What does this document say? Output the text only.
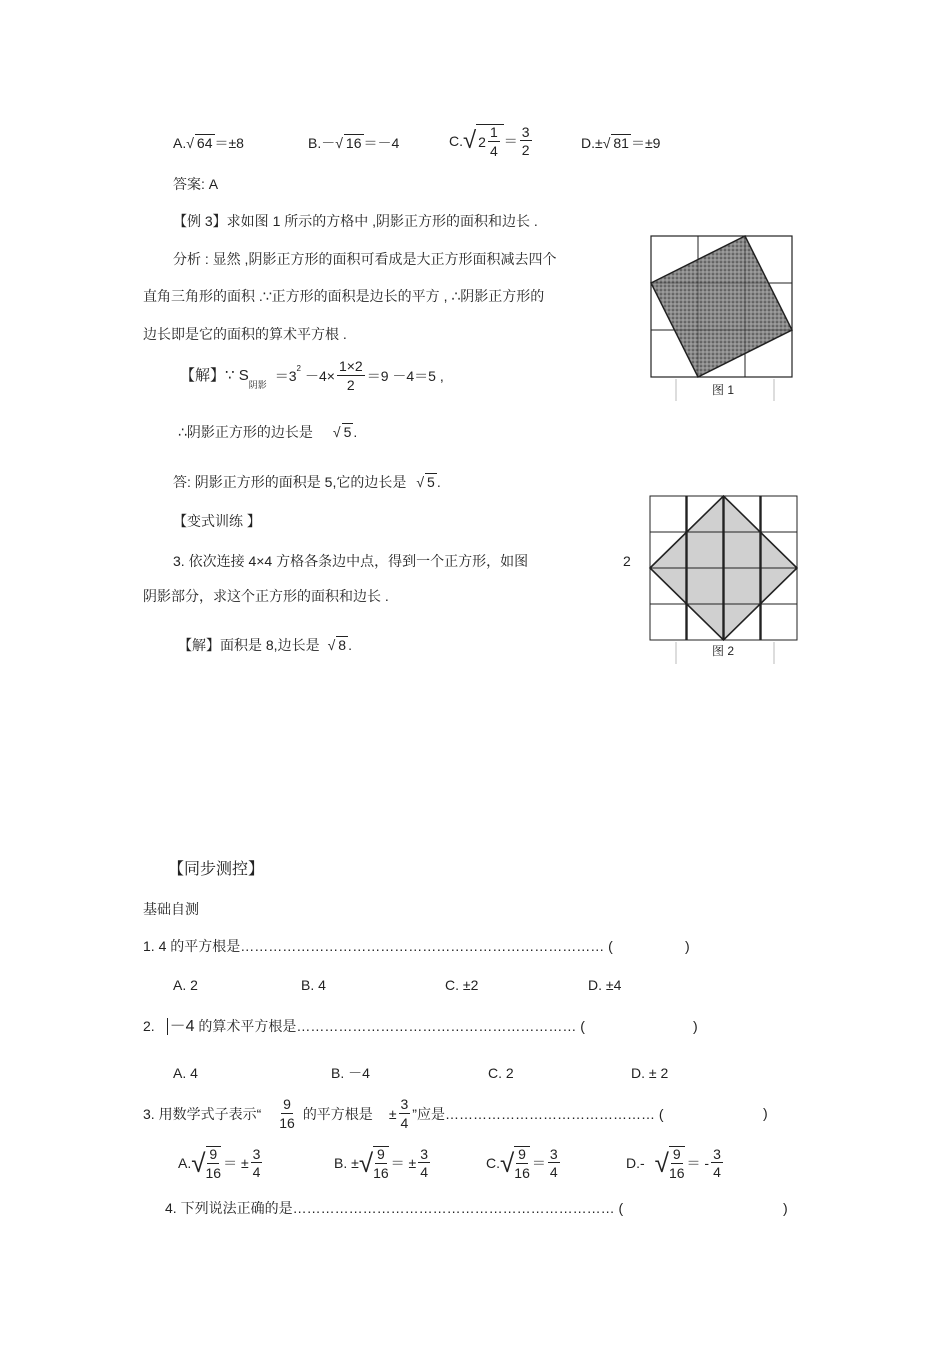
A.√ 64 ＝±8	B.－√ 16 ＝－4	C. √ $2 \frac{1}{4} = \frac{3}{2}$	D.±√ 81 ＝±9
答案: A
【例 3】求如图 1 所示的方格中 ,阴影正方形的面积和边长 .
分析 : 显然 ,阴影正方形的面积可看成是大正方形面积减去四个
直角三角形的面积 .∵正方形的面积是边长的平方 , ∴阴影正方形的
边长即是它的面积的算术平方根 .
【解】∵ S
阴影
＝3 $2 -4\times \frac{1\times 2}{2} =9 -4=5$ ,
∴阴影正方形的边长是 √ 5 .
答: 阴影正方形的面积是 5,它的边长是 √ 5 .
图 1
【变式训练 】
3. 依次连接 4×4 方格各条边中点，得到一个正方形，如图	2
阴影部分，求这个正方形的面积和边长 .
【解】面积是 8,边长是 √ 8 .	图 2
【同步测控】
基础自测
1. 4 的平方根是…………………………………………………………………… (	)
A. 2	B. 4	C. ±2	D. ±4
2. －4 的算术平方根是…………………………………………………… (	)
A. 4	B. －4	C. 2	D. ± 2
3. 用数学式子表示“ $\frac{9}{16}$ 的平方根是 ± $\frac{3}{4}$ ”应是……………………………………… (	)
A. √ $\frac{9}{16}$ ＝ ± $\frac{3}{4}$	B. ± √ $\frac{9}{16}$ ＝ ± $\frac{3}{4}$	C. √ $\frac{9}{16} = \frac{3}{4}$	D.- √ $\frac{9}{16}$ ＝ - $\frac{3}{4}$
4. 下列说法正确的是…………………………………………………………… (	)
